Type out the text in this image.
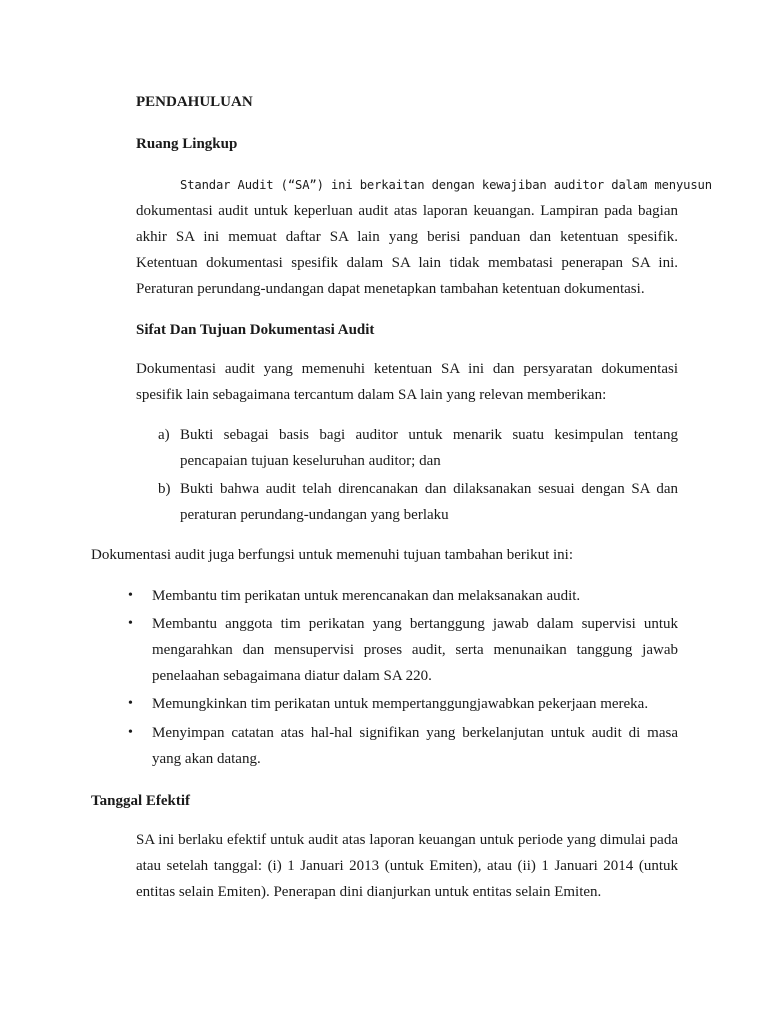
PENDAHULUAN
Ruang Lingkup
Standar Audit (“SA”) ini berkaitan dengan kewajiban auditor dalam menyusun
dokumentasi audit untuk keperluan audit atas laporan keuangan. Lampiran pada bagian akhir SA ini memuat daftar SA lain yang berisi panduan dan ketentuan spesifik. Ketentuan dokumentasi spesifik dalam SA lain tidak membatasi penerapan SA ini. Peraturan perundang-undangan dapat menetapkan tambahan ketentuan dokumentasi.
Sifat Dan Tujuan Dokumentasi Audit
Dokumentasi audit yang memenuhi ketentuan SA ini dan persyaratan dokumentasi spesifik lain sebagaimana tercantum dalam SA lain yang relevan memberikan:
a) Bukti sebagai basis bagi auditor untuk menarik suatu kesimpulan tentang pencapaian tujuan keseluruhan auditor; dan
b) Bukti bahwa audit telah direncanakan dan dilaksanakan sesuai dengan SA dan peraturan perundang-undangan yang berlaku
Dokumentasi audit juga berfungsi untuk memenuhi tujuan tambahan berikut ini:
• Membantu tim perikatan untuk merencanakan dan melaksanakan audit.
• Membantu anggota tim perikatan yang bertanggung jawab dalam supervisi untuk mengarahkan dan mensupervisi proses audit, serta menunaikan tanggung jawab penelaahan sebagaimana diatur dalam SA 220.
• Memungkinkan tim perikatan untuk mempertanggungjawabkan pekerjaan mereka.
• Menyimpan catatan atas hal-hal signifikan yang berkelanjutan untuk audit di masa yang akan datang.
Tanggal Efektif
SA ini berlaku efektif untuk audit atas laporan keuangan untuk periode yang dimulai pada atau setelah tanggal: (i) 1 Januari 2013 (untuk Emiten), atau (ii) 1 Januari 2014 (untuk entitas selain Emiten). Penerapan dini dianjurkan untuk entitas selain Emiten.
